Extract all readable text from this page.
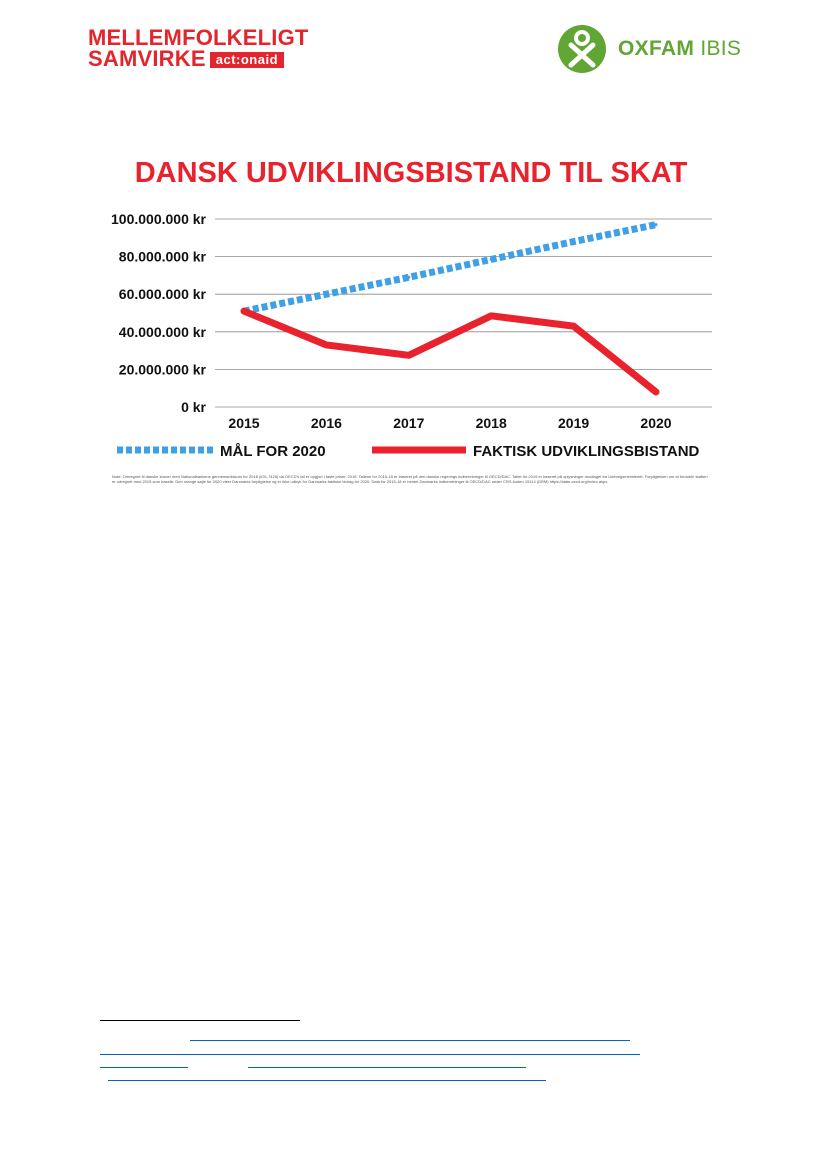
MELLEMFOLKELIGT
SAMVIRKE act:onaid	OXFAM IBIS
DANSK UDVIKLINGSBISTAND TIL SKAT
0 kr
20.000.000 kr
40.000.000 kr
60.000.000 kr
80.000.000 kr
100.000.000 kr
2015	2016	2017	2018	2019	2020
MÅL FOR 2020	FAKTISK UDVIKLINGSBISTAND
Note: Omregnet til danske kroner med Nationalbankens gennemsnitskurs for 2018 (631,7425) da OECD's tal er opgjort i faste priser, 2018. Tallene for 2015-18 er baseret på den danske regerings indberetninger til OECD/DAC. Tallet for 2019 er baseret på oplysninger modtaget fra Udenrigsministeriet. Forpligtelsen om at fordoble støtten er udregnet med 2015 som baseår. Den orange søjle for 2020 viser Danmarks forpligtelse og er ikke udtryk for Danmarks faktiske bidrag for 2020. Data for 2015-18 er hentet Danmarks indberetninger til OECD/DAC under CRS-koden 15114 (DRM) https://stats.oecd.org/Index.aspx.
